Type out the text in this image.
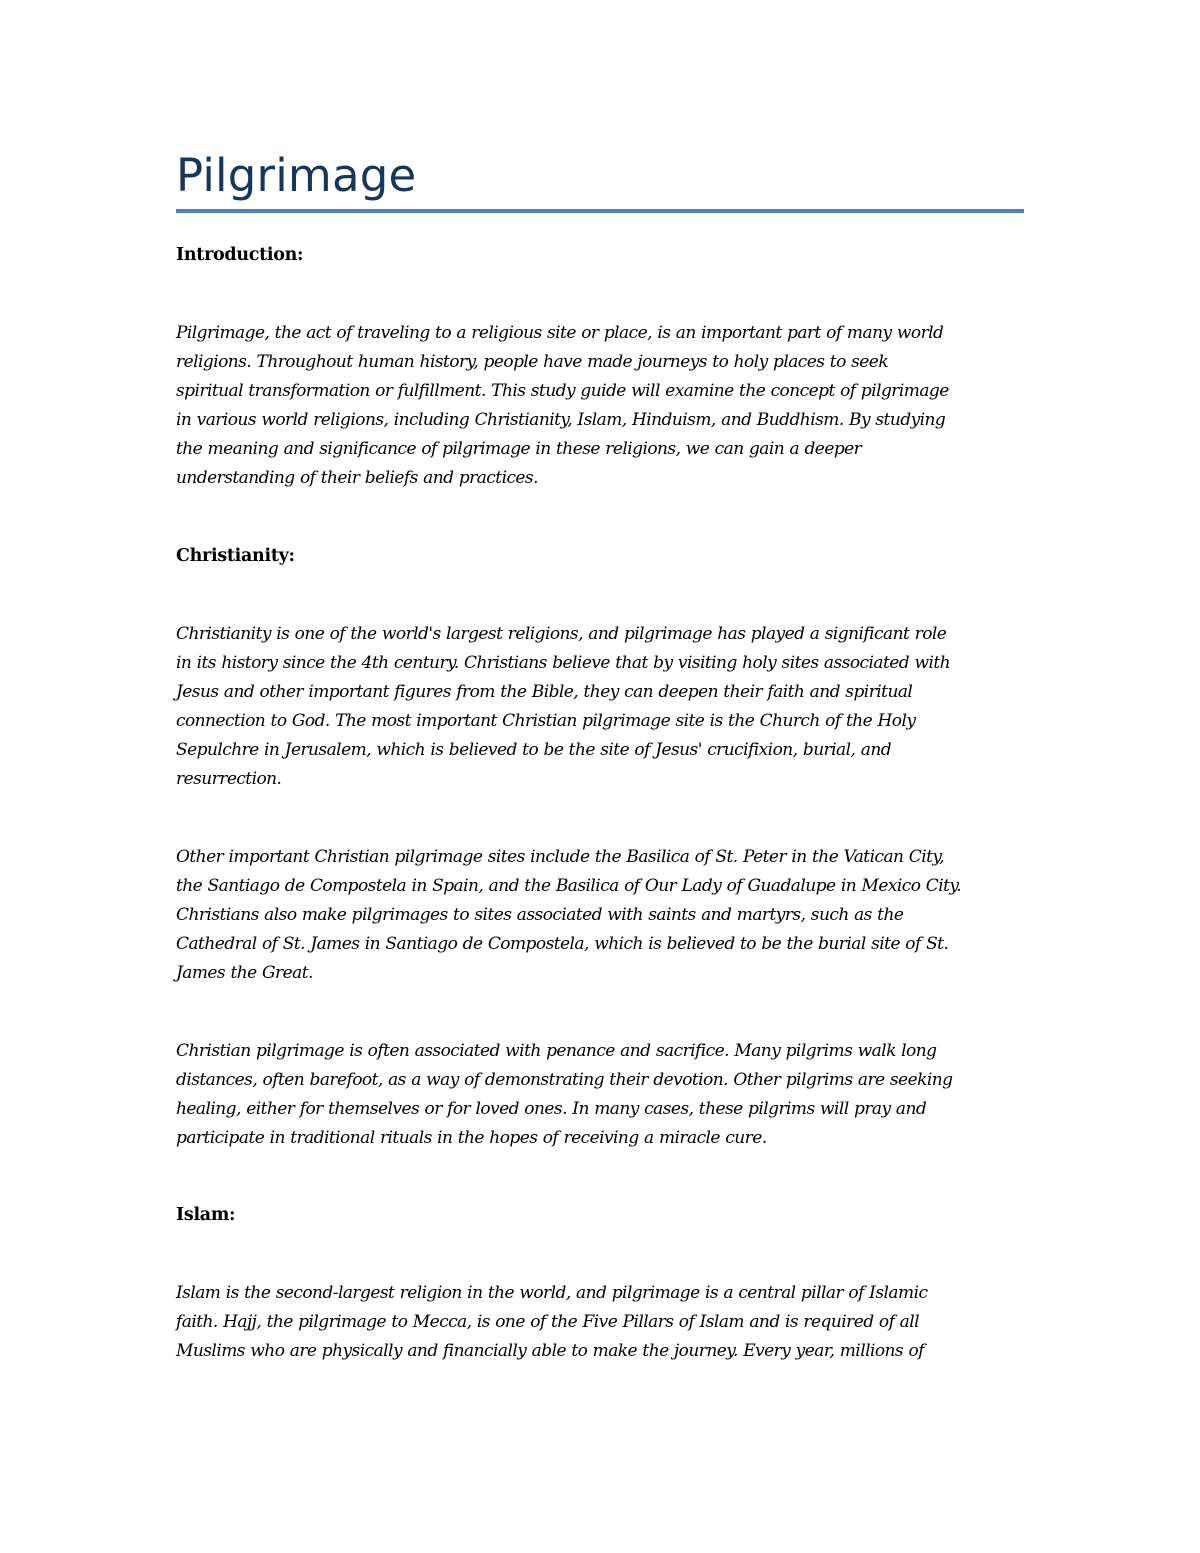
Pilgrimage
Introduction:

Pilgrimage, the act of traveling to a religious site or place, is an important part of many world
religions. Throughout human history, people have made journeys to holy places to seek
spiritual transformation or fulfillment. This study guide will examine the concept of pilgrimage
in various world religions, including Christianity, Islam, Hinduism, and Buddhism. By studying
the meaning and significance of pilgrimage in these religions, we can gain a deeper
understanding of their beliefs and practices.

Christianity:

Christianity is one of the world's largest religions, and pilgrimage has played a significant role
in its history since the 4th century. Christians believe that by visiting holy sites associated with
Jesus and other important figures from the Bible, they can deepen their faith and spiritual
connection to God. The most important Christian pilgrimage site is the Church of the Holy
Sepulchre in Jerusalem, which is believed to be the site of Jesus' crucifixion, burial, and
resurrection.

Other important Christian pilgrimage sites include the Basilica of St. Peter in the Vatican City,
the Santiago de Compostela in Spain, and the Basilica of Our Lady of Guadalupe in Mexico City.
Christians also make pilgrimages to sites associated with saints and martyrs, such as the
Cathedral of St. James in Santiago de Compostela, which is believed to be the burial site of St.
James the Great.

Christian pilgrimage is often associated with penance and sacrifice. Many pilgrims walk long
distances, often barefoot, as a way of demonstrating their devotion. Other pilgrims are seeking
healing, either for themselves or for loved ones. In many cases, these pilgrims will pray and
participate in traditional rituals in the hopes of receiving a miracle cure.

Islam:

Islam is the second-largest religion in the world, and pilgrimage is a central pillar of Islamic
faith. Hajj, the pilgrimage to Mecca, is one of the Five Pillars of Islam and is required of all
Muslims who are physically and financially able to make the journey. Every year, millions of
